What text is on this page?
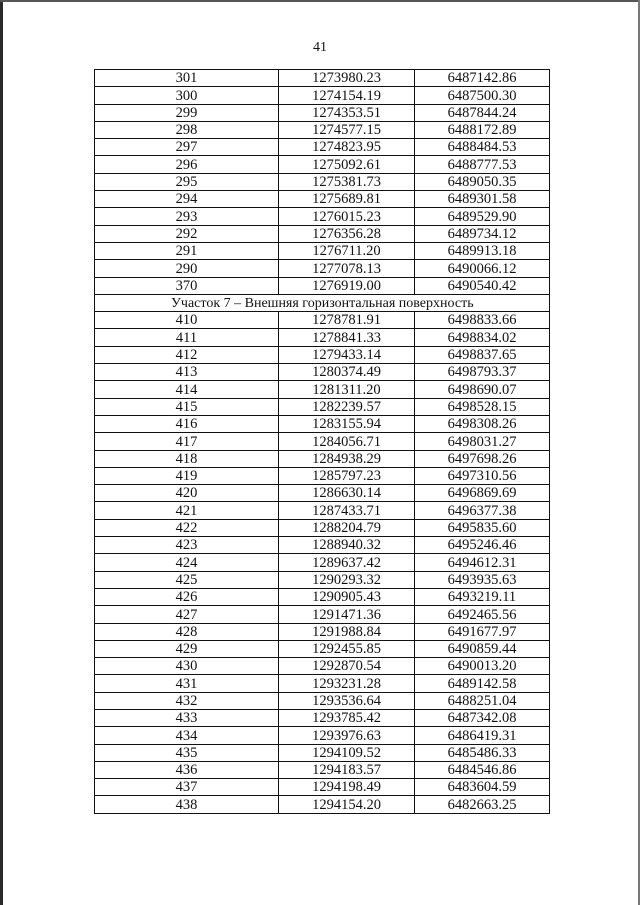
41
301	1273980.23	6487142.86
300	1274154.19	6487500.30
299	1274353.51	6487844.24
298	1274577.15	6488172.89
297	1274823.95	6488484.53
296	1275092.61	6488777.53
295	1275381.73	6489050.35
294	1275689.81	6489301.58
293	1276015.23	6489529.90
292	1276356.28	6489734.12
291	1276711.20	6489913.18
290	1277078.13	6490066.12
370	1276919.00	6490540.42
Участок 7 – Внешняя горизонтальная поверхность		
410	1278781.91	6498833.66
411	1278841.33	6498834.02
412	1279433.14	6498837.65
413	1280374.49	6498793.37
414	1281311.20	6498690.07
415	1282239.57	6498528.15
416	1283155.94	6498308.26
417	1284056.71	6498031.27
418	1284938.29	6497698.26
419	1285797.23	6497310.56
420	1286630.14	6496869.69
421	1287433.71	6496377.38
422	1288204.79	6495835.60
423	1288940.32	6495246.46
424	1289637.42	6494612.31
425	1290293.32	6493935.63
426	1290905.43	6493219.11
427	1291471.36	6492465.56
428	1291988.84	6491677.97
429	1292455.85	6490859.44
430	1292870.54	6490013.20
431	1293231.28	6489142.58
432	1293536.64	6488251.04
433	1293785.42	6487342.08
434	1293976.63	6486419.31
435	1294109.52	6485486.33
436	1294183.57	6484546.86
437	1294198.49	6483604.59
438	1294154.20	6482663.25
